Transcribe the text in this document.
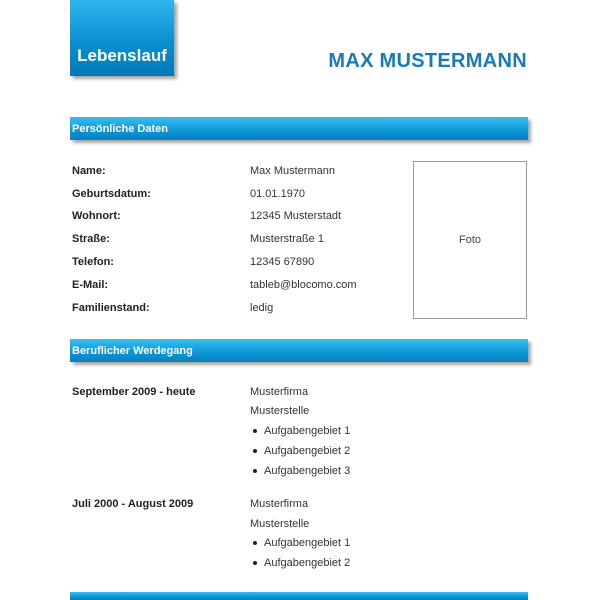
Lebenslauf	MAX MUSTERMANN
Persönliche Daten
Name:	Max Mustermann
Geburtsdatum:	01.01.1970
Wohnort:	12345 Musterstadt
Straße:	Musterstraße 1
Telefon:	12345 67890
E-Mail:	tableb@blocomo.com
Familienstand:	ledig
Foto
Beruflicher Werdegang
September 2009 - heute	Musterfirma
Musterstelle
Aufgabengebiet 1
Aufgabengebiet 2
Aufgabengebiet 3
Juli 2000 - August 2009	Musterfirma
Musterstelle
Aufgabengebiet 1
Aufgabengebiet 2
